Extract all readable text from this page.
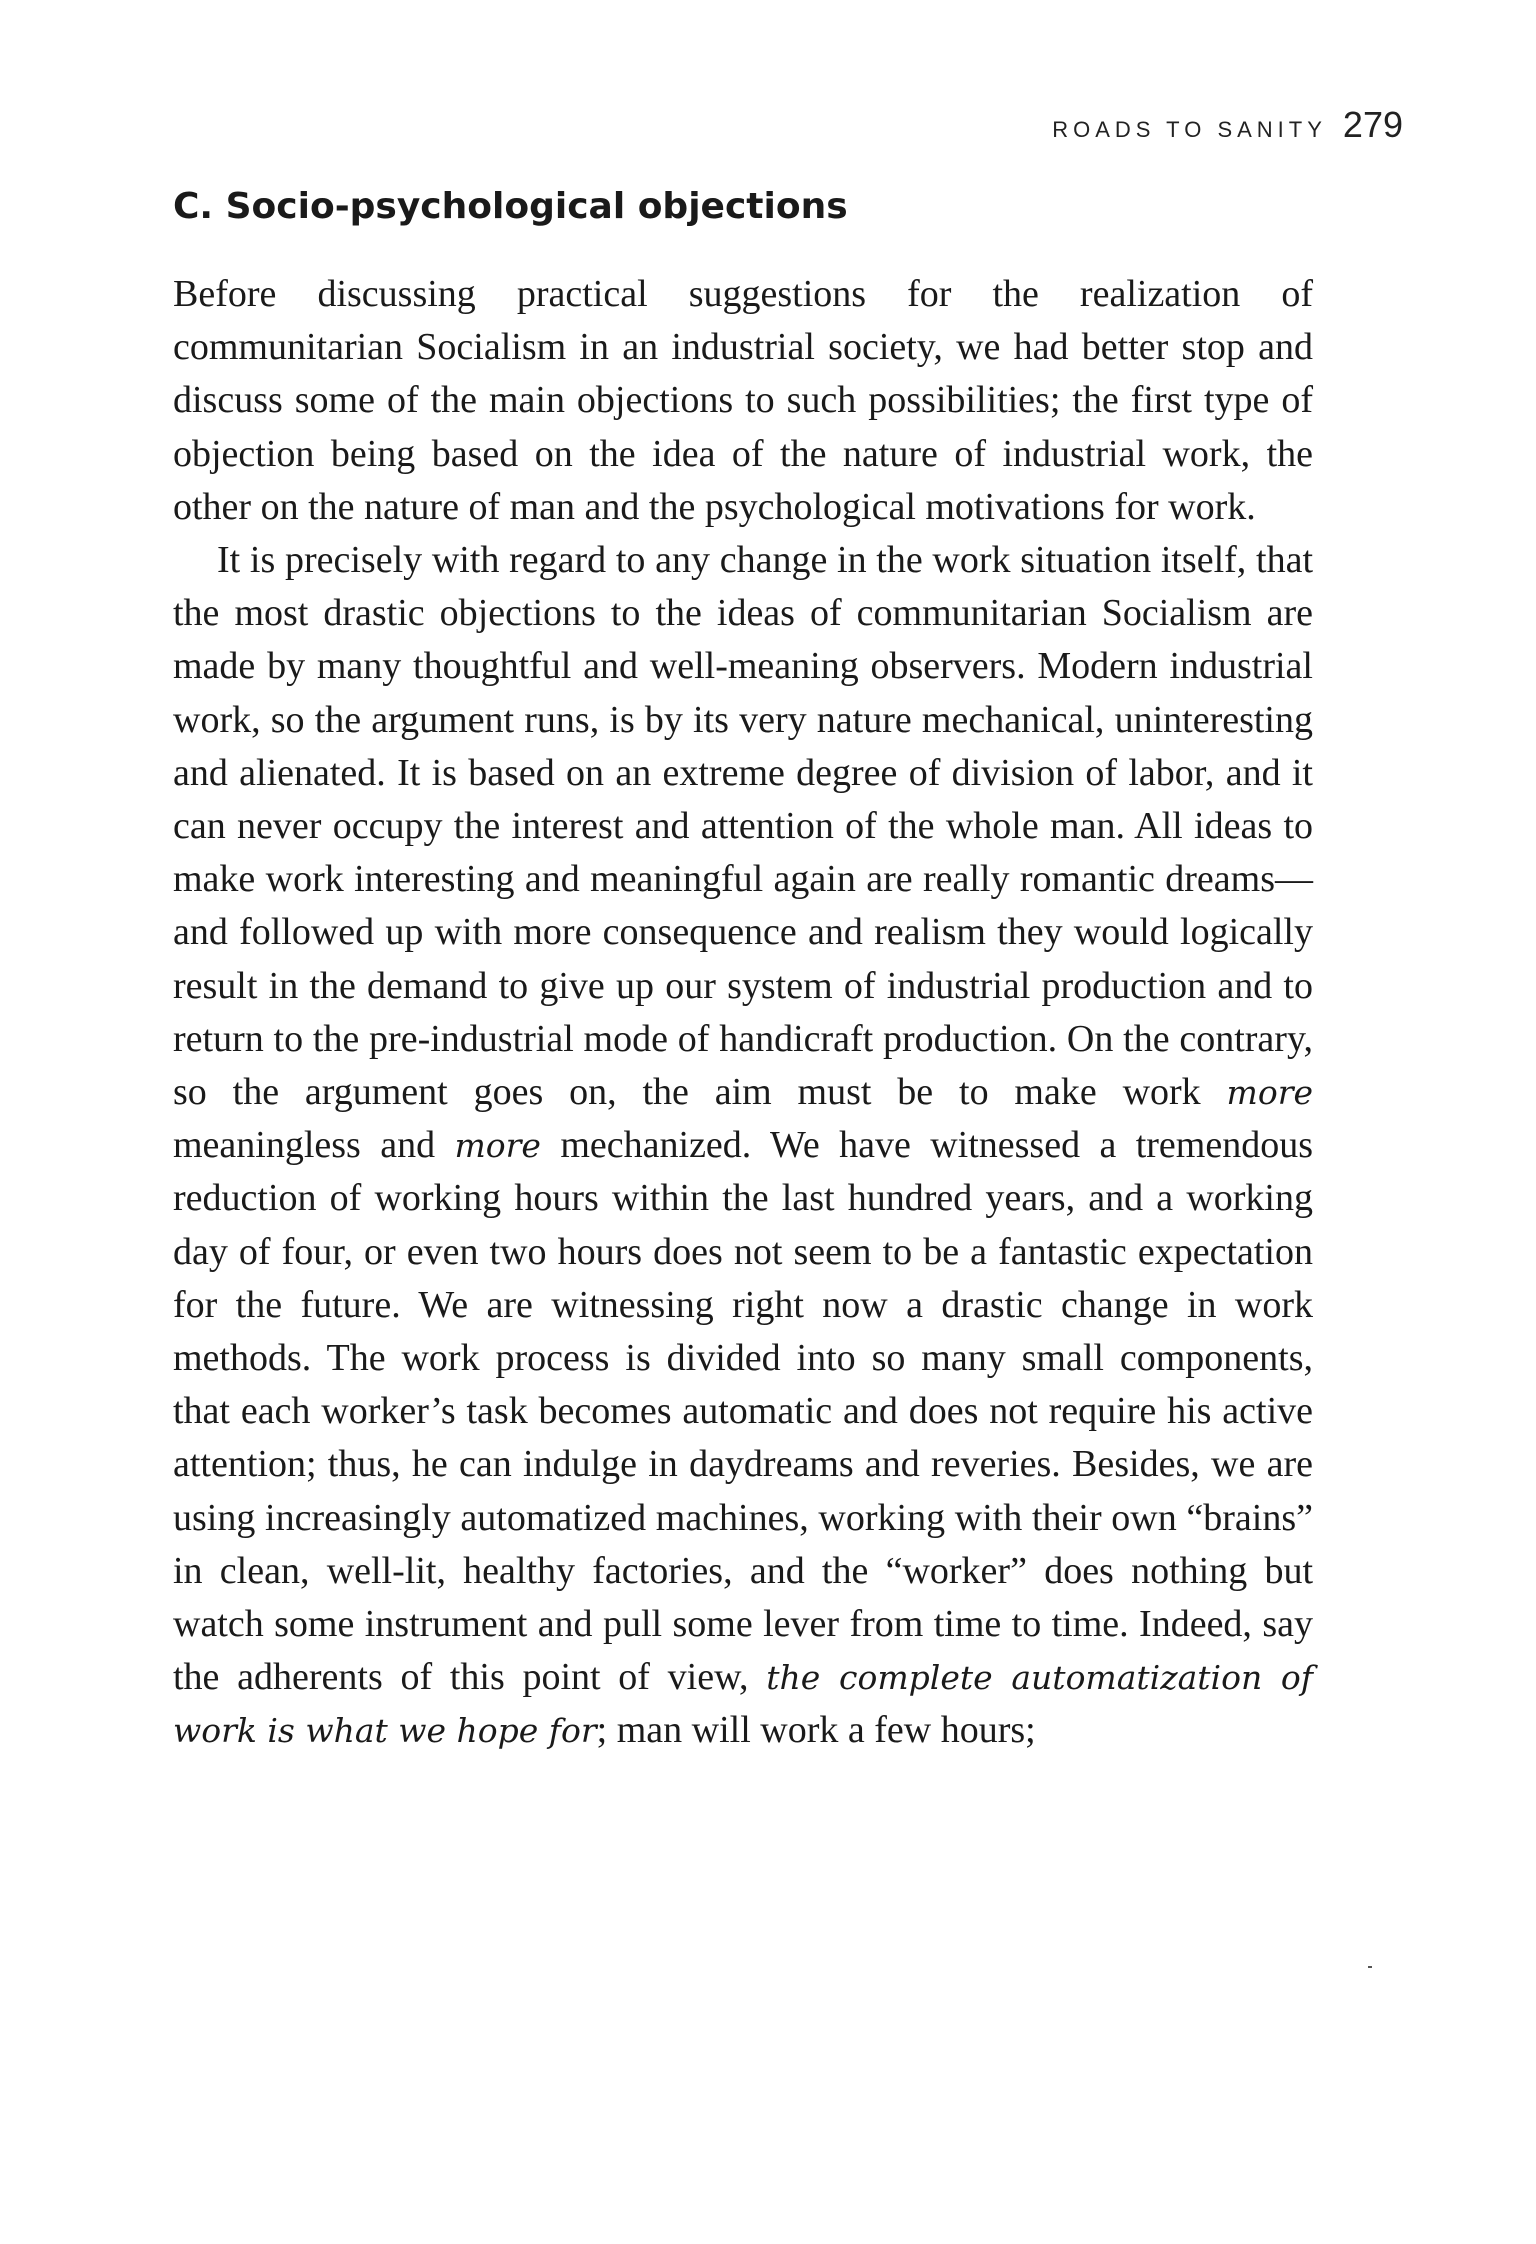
ROADS TO SANITY 279
C. Socio-psychological objections

Before discussing practical suggestions for the realization of communitarian Socialism in an industrial society, we had better stop and discuss some of the main objections to such possibilities; the first type of objection being based on the idea of the nature of industrial work, the other on the nature of man and the psychological motivations for work.

It is precisely with regard to any change in the work situation itself, that the most drastic objections to the ideas of communitarian Socialism are made by many thoughtful and well-meaning observers. Modern industrial work, so the argument runs, is by its very nature mechanical, uninteresting and alienated. It is based on an extreme degree of division of labor, and it can never occupy the interest and attention of the whole man. All ideas to make work interesting and meaningful again are really romantic dreams—and followed up with more consequence and realism they would logically result in the demand to give up our system of industrial production and to return to the pre-industrial mode of handicraft production. On the contrary, so the argument goes on, the aim must be to make work more meaningless and more mechanized. We have witnessed a tremendous reduction of working hours within the last hundred years, and a working day of four, or even two hours does not seem to be a fantastic expectation for the future. We are witnessing right now a drastic change in work methods. The work process is divided into so many small components, that each worker’s task becomes automatic and does not require his active attention; thus, he can indulge in daydreams and reveries. Besides, we are using increasingly automatized machines, working with their own “brains” in clean, well-lit, healthy factories, and the “worker” does nothing but watch some instrument and pull some lever from time to time. Indeed, say the adherents of this point of view, the complete automatization of work is what we hope for; man will work a few hours;
